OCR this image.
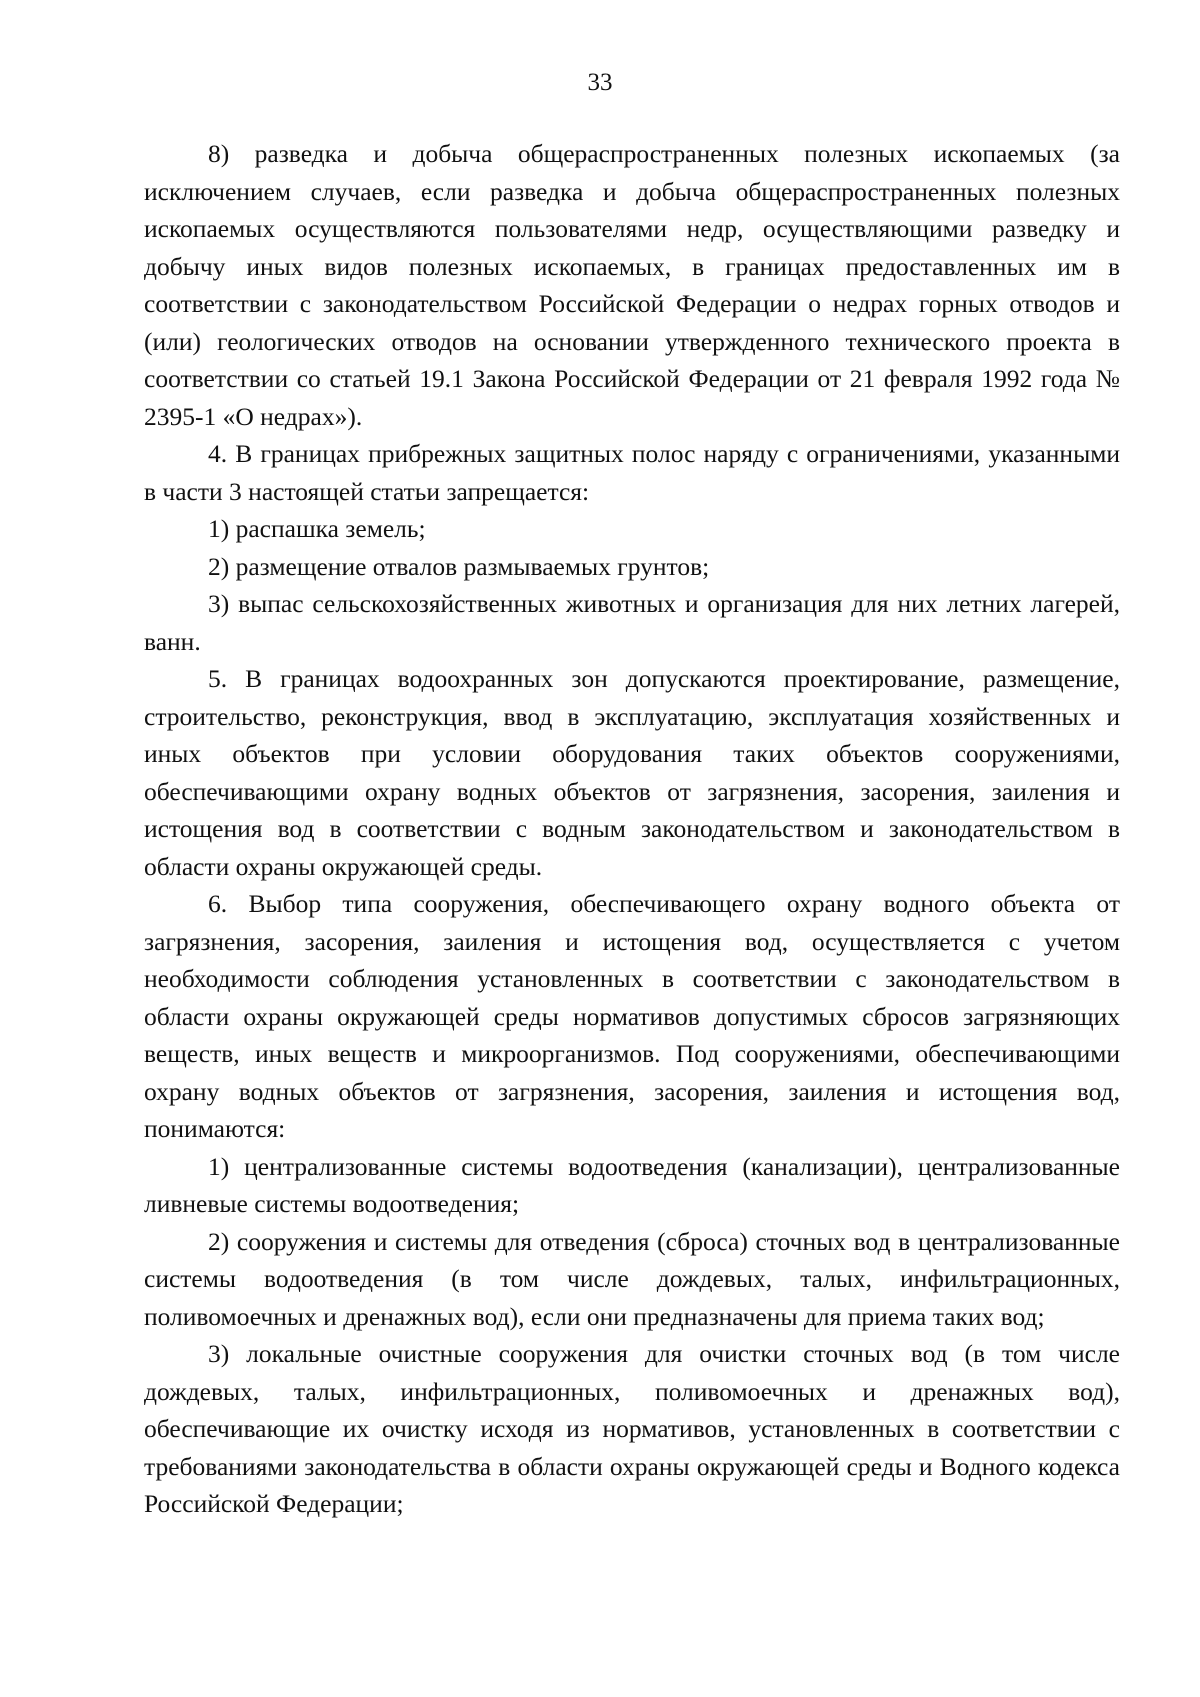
33

8) разведка и добыча общераспространенных полезных ископаемых (за исключением случаев, если разведка и добыча общераспространенных полезных ископаемых осуществляются пользователями недр, осуществляющими разведку и добычу иных видов полезных ископаемых, в границах предоставленных им в соответствии с законодательством Российской Федерации о недрах горных отводов и (или) геологических отводов на основании утвержденного технического проекта в соответствии со статьей 19.1 Закона Российской Федерации от 21 февраля 1992 года № 2395-1 «О недрах»).

4. В границах прибрежных защитных полос наряду с ограничениями, указанными в части 3 настоящей статьи запрещается:

1) распашка земель;

2) размещение отвалов размываемых грунтов;

3) выпас сельскохозяйственных животных и организация для них летних лагерей, ванн.

5. В границах водоохранных зон допускаются проектирование, размещение, строительство, реконструкция, ввод в эксплуатацию, эксплуатация хозяйственных и иных объектов при условии оборудования таких объектов сооружениями, обеспечивающими охрану водных объектов от загрязнения, засорения, заиления и истощения вод в соответствии с водным законодательством и законодательством в области охраны окружающей среды.

6. Выбор типа сооружения, обеспечивающего охрану водного объекта от загрязнения, засорения, заиления и истощения вод, осуществляется с учетом необходимости соблюдения установленных в соответствии с законодательством в области охраны окружающей среды нормативов допустимых сбросов загрязняющих веществ, иных веществ и микроорганизмов. Под сооружениями, обеспечивающими охрану водных объектов от загрязнения, засорения, заиления и истощения вод, понимаются:

1) централизованные системы водоотведения (канализации), централизованные ливневые системы водоотведения;

2) сооружения и системы для отведения (сброса) сточных вод в централизованные системы водоотведения (в том числе дождевых, талых, инфильтрационных, поливомоечных и дренажных вод), если они предназначены для приема таких вод;

3) локальные очистные сооружения для очистки сточных вод (в том числе дождевых, талых, инфильтрационных, поливомоечных и дренажных вод), обеспечивающие их очистку исходя из нормативов, установленных в соответствии с требованиями законодательства в области охраны окружающей среды и Водного кодекса Российской Федерации;
